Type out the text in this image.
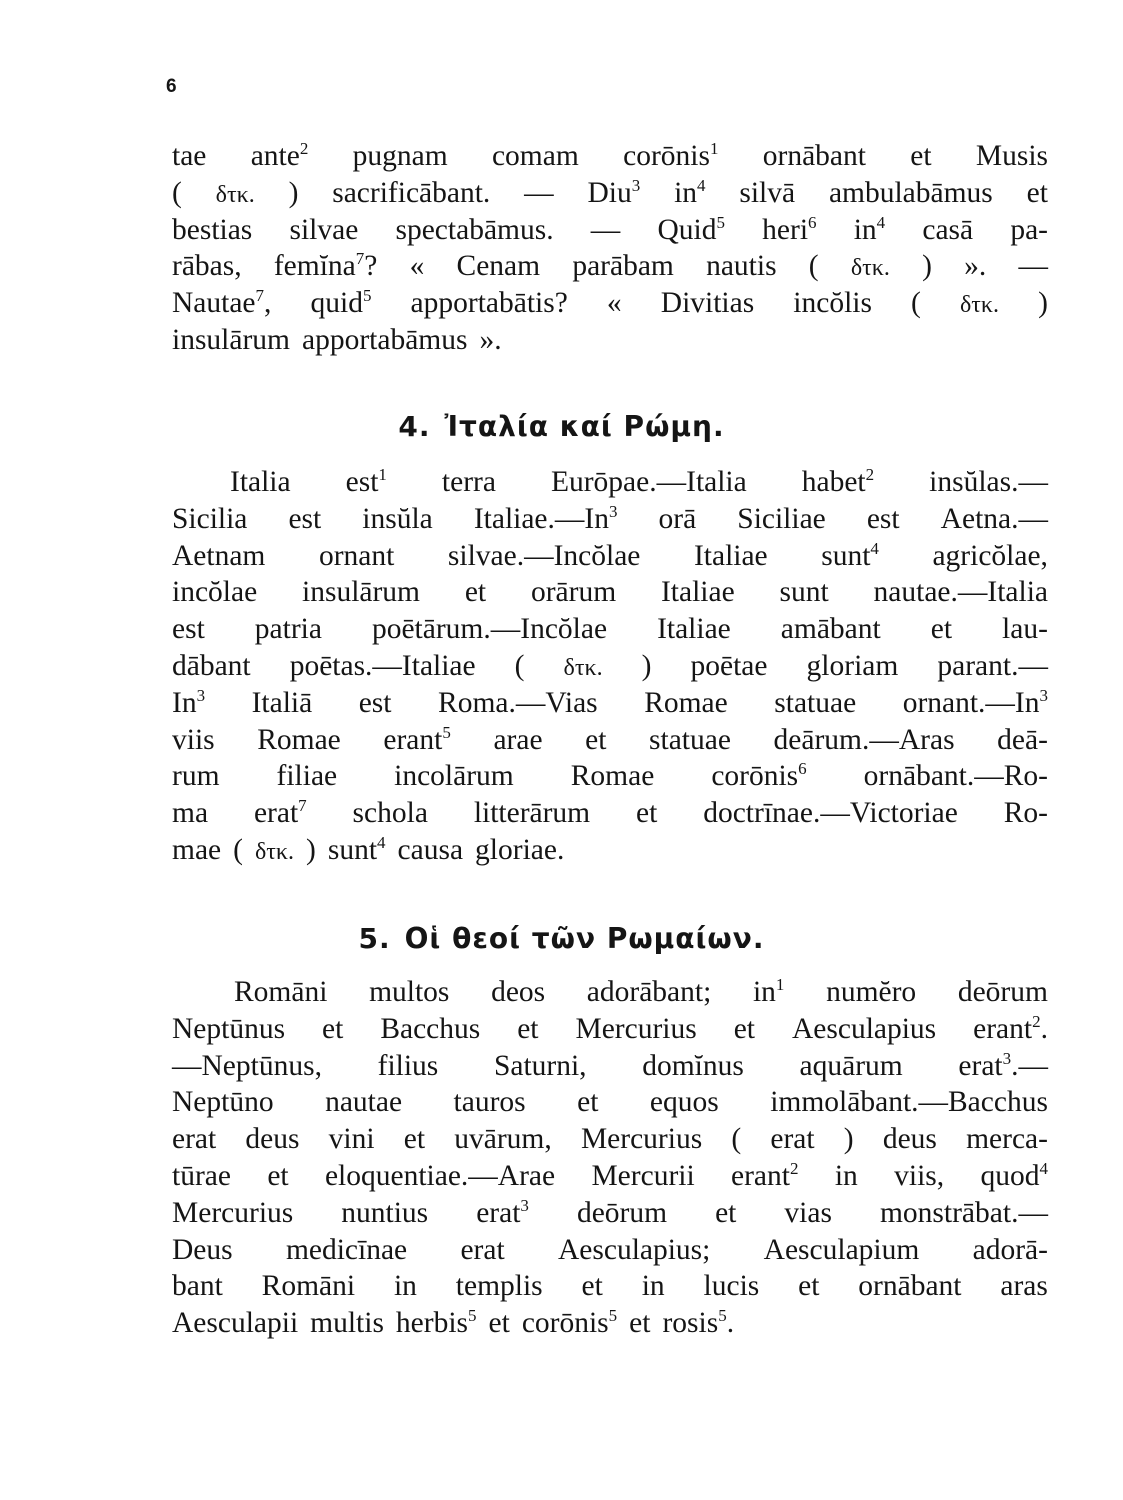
6
tae ante$^2$ pugnam comam corōnis$^1$ ornābant et Musis
( δτκ. ) sacrificābant. — Diu$^3$ $in^4$ silvā ambulabāmus et
bestias silvae spectabāmus. — Quid$^5$ heri$^6$ $in^4$ casā pa-
rābas, femĭna$^7$? « Cenam parābam nautis ( δτκ. ) ». —
Nautae$^7$, quid$^5$ apportabātis? « Divitias incŏlis ( δτκ. )
insulārum apportabāmus ».
4. Ἰταλία καί Ρώμη.
Italia est$^1$ terra Eurōpae.—Italia habet$^2$ insŭlas.—
Sicilia est insŭla Italiae.—In$^3$ orā Siciliae est Aetna.—
Aetnam ornant silvae.—Incŏlae Italiae sunt$^4$ agricŏlae,
incŏlae insulārum et orārum Italiae sunt nautae.—Italia
est patria poētārum.—Incŏlae Italiae amābant et lau-
dābant poētas.—Italiae ( δτκ. ) poētae gloriam parant.—
In$^3$ Italiā est Roma.—Vias Romae statuae ornant.—In$^3$
viis Romae erant$^5$ arae et statuae deārum.—Aras deā-
rum filiae incolārum Romae corōnis$^6$ ornābant.—Ro-
ma erat$^7$ schola litterārum et doctrīnae.—Victoriae Ro-
mae ( δτκ. ) sunt$^4$ causa gloriae.
5. Οἱ θεοί τῶν Ρωμαίων.
Romāni multos deos adorābant; $in^1$ numĕro deōrum
Neptūnus et Bacchus et Mercurius et Aesculapius erant$^2$.
—Neptūnus, filius Saturni, domĭnus aquārum erat$^3$.—
Neptūno nautae tauros et equos immolābant.—Bacchus
erat deus vini et uvārum, Mercurius ( erat ) deus merca-
tūrae et eloquentiae.—Arae Mercurii erant$^2$ in viis, quod$^4$
Mercurius nuntius erat$^3$ deōrum et vias monstrābat.—
Deus medicīnae erat Aesculapius; Aesculapium adorā-
bant Romāni in templis et in lucis et ornābant aras
Aesculapii multis herbis$^5$ et corōnis$^5$ et rosis$^5$.
